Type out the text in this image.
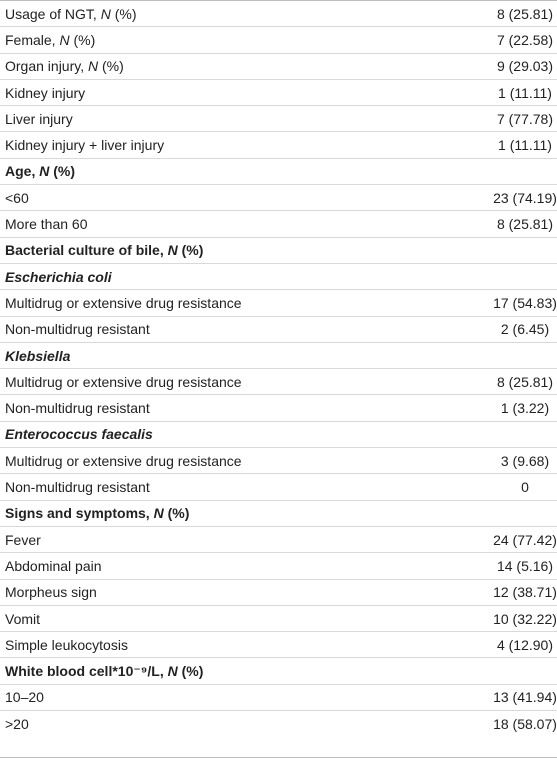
Usage of NGT, N (%)	8 (25.81)
Female, N (%)	7 (22.58)
Organ injury, N (%)	9 (29.03)
Kidney injury	1 (11.11)
Liver injury	7 (77.78)
Kidney injury + liver injury	1 (11.11)
Age, N (%)
<60	23 (74.19)
More than 60	8 (25.81)
Bacterial culture of bile, N (%)
Escherichia coli
Multidrug or extensive drug resistance	17 (54.83)
Non-multidrug resistant	2 (6.45)
Klebsiella
Multidrug or extensive drug resistance	8 (25.81)
Non-multidrug resistant	1 (3.22)
Enterococcus faecalis
Multidrug or extensive drug resistance	3 (9.68)
Non-multidrug resistant	0
Signs and symptoms, N (%)
Fever	24 (77.42)
Abdominal pain	14 (5.16)
Morpheus sign	12 (38.71)
Vomit	10 (32.22)
Simple leukocytosis	4 (12.90)
White blood cell*10⁻⁹/L, N (%)
10–20	13 (41.94)
>20	18 (58.07)
